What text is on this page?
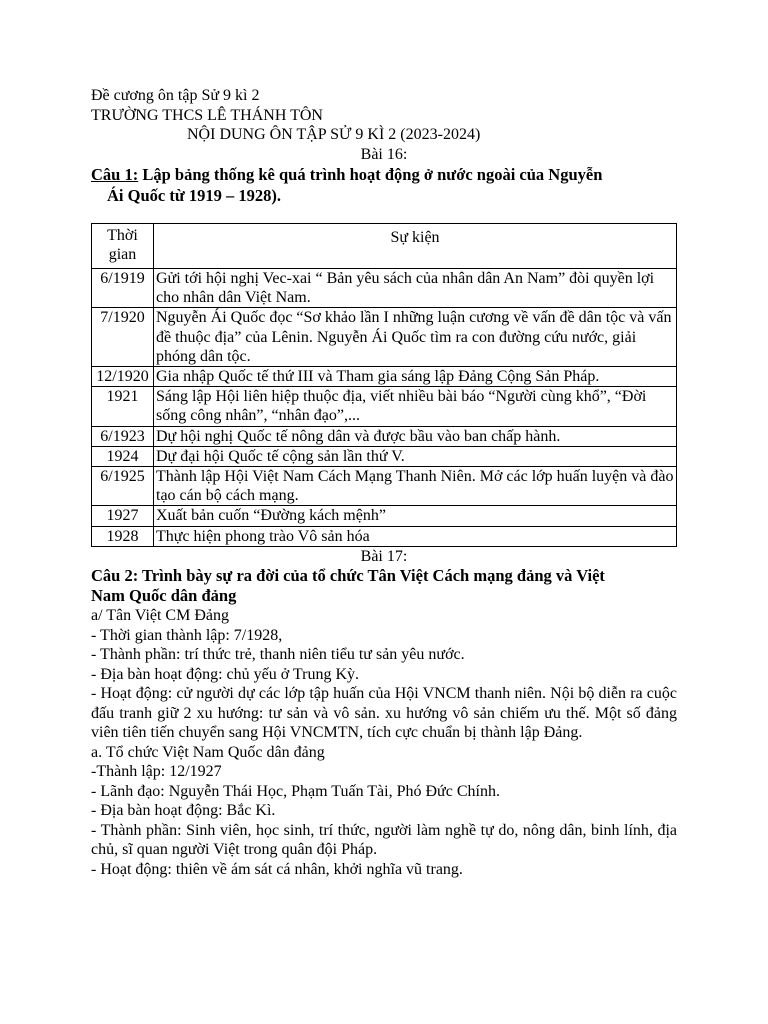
Đề cương ôn tập Sử 9 kì 2
TRƯỜNG THCS LÊ THÁNH TÔN
NỘI DUNG ÔN TẬP SỬ 9 KÌ 2 (2023-2024)
Bài 16:
Câu 1: Lập bảng thống kê quá trình hoạt động ở nước ngoài của Nguyễn
Ái Quốc từ 1919 – 1928).
Thời gian	Sự kiện
6/1919	Gửi tới hội nghị Vec-xai “ Bản yêu sách của nhân dân An Nam” đòi quyền lợi cho nhân dân Việt Nam.
7/1920	Nguyễn Ái Quốc đọc “Sơ khảo lần I những luận cương về vấn đề dân tộc và vấn đề thuộc địa” của Lênin. Nguyễn Ái Quốc tìm ra con đường cứu nước, giải phóng dân tộc.
12/1920	Gia nhập Quốc tế thứ III và Tham gia sáng lập Đảng Cộng Sản Pháp.
1921	Sáng lập Hội liên hiệp thuộc địa, viết nhiều bài báo “Người cùng khổ”, “Đời sống công nhân”, “nhân đạo”,...
6/1923	Dự hội nghị Quốc tế nông dân và được bầu vào ban chấp hành.
1924	Dự đại hội Quốc tế cộng sản lần thứ V.
6/1925	Thành lập Hội Việt Nam Cách Mạng Thanh Niên. Mở các lớp huấn luyện và đào tạo cán bộ cách mạng.
1927	Xuất bản cuốn “Đường kách mệnh”
1928	Thực hiện phong trào Vô sản hóa
Bài 17:
Câu 2: Trình bày sự ra đời của tổ chức Tân Việt Cách mạng đảng và Việt
Nam Quốc dân đảng

a/ Tân Việt CM Đảng

- Thời gian thành lập: 7/1928,

- Thành phần: trí thức trẻ, thanh niên tiểu tư sản yêu nước.

- Địa bàn hoạt động: chủ yếu ở Trung Kỳ.

- Hoạt động: cử người dự các lớp tập huấn của Hội VNCM thanh niên. Nội bộ diễn ra cuộc đấu tranh giữ 2 xu hướng: tư sản và vô sản. xu hướng vô sản chiếm ưu thế. Một số đảng viên tiên tiến chuyển sang Hội VNCMTN, tích cực chuẩn bị thành lập Đảng.

a. Tổ chức Việt Nam Quốc dân đảng

-Thành lập: 12/1927

- Lãnh đạo: Nguyễn Thái Học, Phạm Tuấn Tài, Phó Đức Chính.

- Địa bàn hoạt động: Bắc Kì.

- Thành phần: Sinh viên, học sinh, trí thức, người làm nghề tự do, nông dân, binh lính, địa chủ, sĩ quan người Việt trong quân đội Pháp.

- Hoạt động: thiên về ám sát cá nhân, khởi nghĩa vũ trang.
